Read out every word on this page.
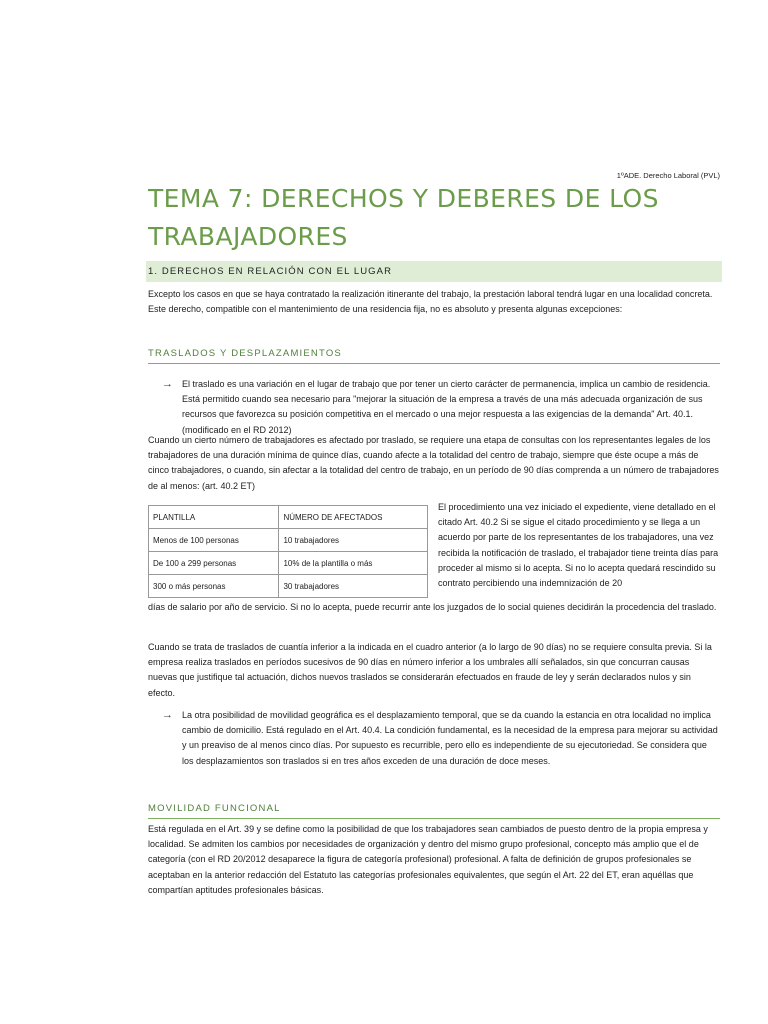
1ºADE. Derecho Laboral (PVL)
TEMA 7: DERECHOS Y DEBERES DE LOS
TRABAJADORES
1. DERECHOS EN RELACIÓN CON EL LUGAR

Excepto los casos en que se haya contratado la realización itinerante del trabajo, la prestación laboral tendrá lugar en una localidad concreta. Este derecho, compatible con el mantenimiento de una residencia fija, no es absoluto y presenta algunas excepciones:

TRASLADOS Y DESPLAZAMIENTOS
→ El traslado es una variación en el lugar de trabajo que por tener un cierto carácter de permanencia, implica un cambio de residencia. Está permitido cuando sea necesario para "mejorar la situación de la empresa a través de una más adecuada organización de sus recursos que favorezca su posición competitiva en el mercado o una mejor respuesta a las exigencias de la demanda" Art. 40.1.(modificado en el RD 2012)

Cuando un cierto número de trabajadores es afectado por traslado, se requiere una etapa de consultas con los representantes legales de los trabajadores de una duración mínima de quince días, cuando afecte a la totalidad del centro de trabajo, siempre que éste ocupe a más de cinco trabajadores, o cuando, sin afectar a la totalidad del centro de trabajo, en un período de 90 días comprenda a un número de trabajadores de al menos: (art. 40.2 ET)

PLANTILLA	NÚMERO DE AFECTADOS
Menos de 100 personas	10 trabajadores
De 100 a 299 personas	10% de la plantilla o más
300 o más personas	30 trabajadores
El procedimiento una vez iniciado el expediente, viene detallado en el citado Art. 40.2 Si se sigue el citado procedimiento y se llega a un acuerdo por parte de los representantes de los trabajadores, una vez recibida la notificación de traslado, el trabajador tiene treinta días para proceder al mismo si lo acepta. Si no lo acepta quedará rescindido su contrato percibiendo una indemnización de 20

días de salario por año de servicio. Si no lo acepta, puede recurrir ante los juzgados de lo social quienes decidirán la procedencia del traslado.

Cuando se trata de traslados de cuantía inferior a la indicada en el cuadro anterior (a lo largo de 90 días) no se requiere consulta previa. Si la empresa realiza traslados en períodos sucesivos de 90 días en número inferior a los umbrales allí señalados, sin que concurran causas nuevas que justifique tal actuación, dichos nuevos traslados se considerarán efectuados en fraude de ley y serán declarados nulos y sin efecto.

→ La otra posibilidad de movilidad geográfica es el desplazamiento temporal, que se da cuando la estancia en otra localidad no implica cambio de domicilio. Está regulado en el Art. 40.4. La condición fundamental, es la necesidad de la empresa para mejorar su actividad y un preaviso de al menos cinco días. Por supuesto es recurrible, pero ello es independiente de su ejecutoriedad. Se considera que los desplazamientos son traslados si en tres años exceden de una duración de doce meses.
MOVILIDAD FUNCIONAL

Está regulada en el Art. 39 y se define como la posibilidad de que los trabajadores sean cambiados de puesto dentro de la propia empresa y localidad. Se admiten los cambios por necesidades de organización y dentro del mismo grupo profesional, concepto más amplio que el de categoría (con el RD 20/2012 desaparece la figura de categoría profesional) profesional. A falta de definición de grupos profesionales se aceptaban en la anterior redacción del Estatuto las categorías profesionales equivalentes, que según el Art. 22 del ET, eran aquéllas que compartían aptitudes profesionales básicas.
